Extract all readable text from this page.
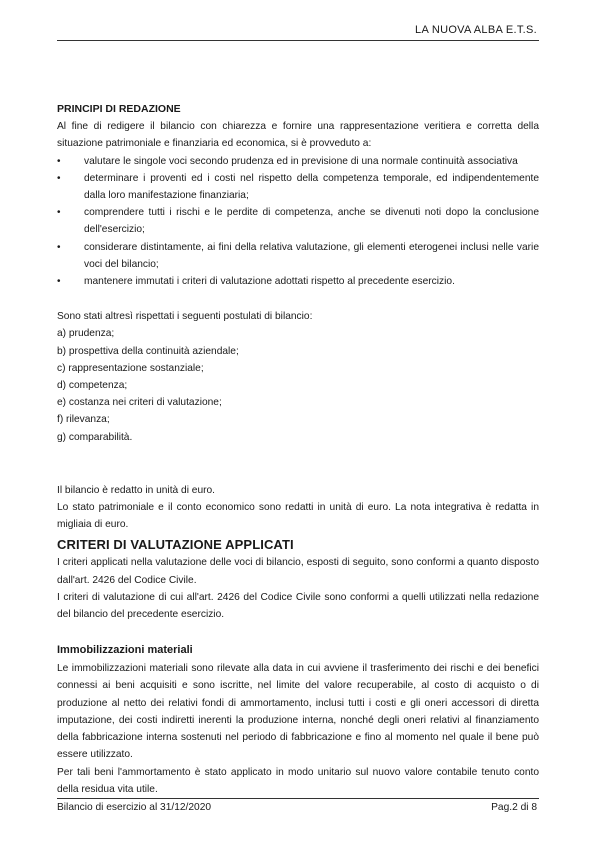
LA NUOVA ALBA E.T.S.
PRINCIPI DI REDAZIONE

Al fine di redigere il bilancio con chiarezza e fornire una rappresentazione veritiera e corretta della situazione patrimoniale e finanziaria ed economica, si è provveduto a:

• valutare le singole voci secondo prudenza ed in previsione di una normale continuità associativa
• determinare i proventi ed i costi nel rispetto della competenza temporale, ed indipendentemente dalla loro manifestazione finanziaria;
• comprendere tutti i rischi e le perdite di competenza, anche se divenuti noti dopo la conclusione dell'esercizio;
• considerare distintamente, ai fini della relativa valutazione, gli elementi eterogenei inclusi nelle varie voci del bilancio;
• mantenere immutati i criteri di valutazione adottati rispetto al precedente esercizio.

Sono stati altresì rispettati i seguenti postulati di bilancio:

a) prudenza;
b) prospettiva della continuità aziendale;
c) rappresentazione sostanziale;
d) competenza;
e) costanza nei criteri di valutazione;
f) rilevanza;
g) comparabilità.

Il bilancio è redatto in unità di euro.

Lo stato patrimoniale e il conto economico sono redatti in unità di euro. La nota integrativa è redatta in migliaia di euro.

CRITERI DI VALUTAZIONE APPLICATI

I criteri applicati nella valutazione delle voci di bilancio, esposti di seguito, sono conformi a quanto disposto dall'art. 2426 del Codice Civile.

I criteri di valutazione di cui all'art. 2426 del Codice Civile sono conformi a quelli utilizzati nella redazione del bilancio del precedente esercizio.

Immobilizzazioni materiali

Le immobilizzazioni materiali sono rilevate alla data in cui avviene il trasferimento dei rischi e dei benefici connessi ai beni acquisiti e sono iscritte, nel limite del valore recuperabile, al costo di acquisto o di produzione al netto dei relativi fondi di ammortamento, inclusi tutti i costi e gli oneri accessori di diretta imputazione, dei costi indiretti inerenti la produzione interna, nonché degli oneri relativi al finanziamento della fabbricazione interna sostenuti nel periodo di fabbricazione e fino al momento nel quale il bene può essere utilizzato.

Per tali beni l'ammortamento è stato applicato in modo unitario sul nuovo valore contabile tenuto conto della residua vita utile.

Bilancio di esercizio al 31/12/2020	Pag.2 di 8
